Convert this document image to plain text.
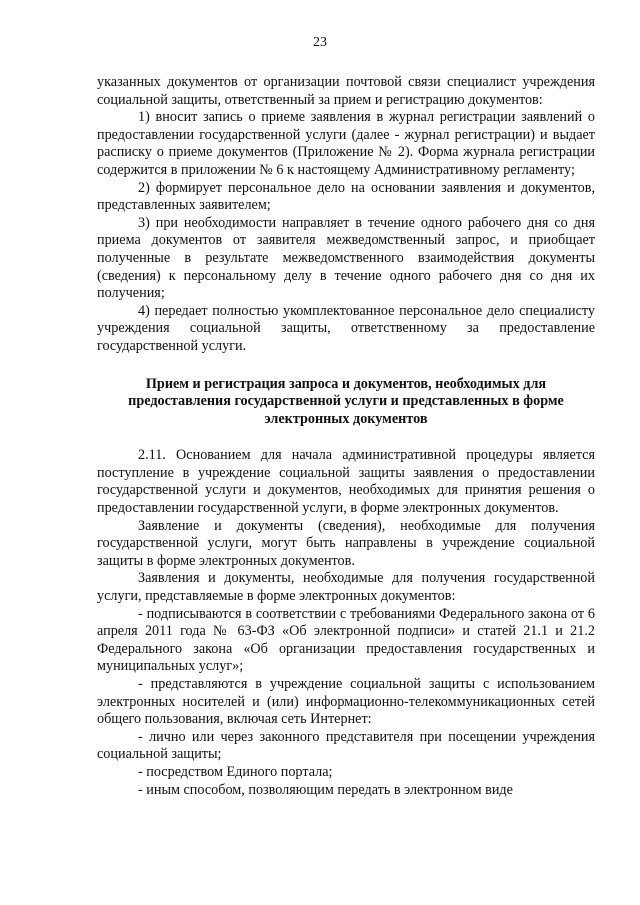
23

указанных документов от организации почтовой связи специалист учреждения социальной защиты, ответственный за прием и регистрацию документов:

1) вносит запись о приеме заявления в журнал регистрации заявлений о предоставлении государственной услуги (далее - журнал регистрации) и выдает расписку о приеме документов (Приложение № 2). Форма журнала регистрации содержится в приложении № 6 к настоящему Административному регламенту;

2) формирует персональное дело на основании заявления и документов, представленных заявителем;

3) при необходимости направляет в течение одного рабочего дня со дня приема документов от заявителя межведомственный запрос, и приобщает полученные в результате межведомственного взаимодействия документы (сведения) к персональному делу в течение одного рабочего дня со дня их получения;

4) передает полностью укомплектованное персональное дело специалисту учреждения социальной защиты, ответственному за предоставление государственной услуги.

Прием и регистрация запроса и документов, необходимых для предоставления государственной услуги и представленных в форме электронных документов

2.11. Основанием для начала административной процедуры является поступление в учреждение социальной защиты заявления о предоставлении государственной услуги и документов, необходимых для принятия решения о предоставлении государственной услуги, в форме электронных документов.

Заявление и документы (сведения), необходимые для получения государственной услуги, могут быть направлены в учреждение социальной защиты в форме электронных документов.

Заявления и документы, необходимые для получения государственной услуги, представляемые в форме электронных документов:

- подписываются в соответствии с требованиями Федерального закона от 6 апреля 2011 года № 63-ФЗ «Об электронной подписи» и статей 21.1 и 21.2 Федерального закона «Об организации предоставления государственных и муниципальных услуг»;

- представляются в учреждение социальной защиты с использованием электронных носителей и (или) информационно-телекоммуникационных сетей общего пользования, включая сеть Интернет:

- лично или через законного представителя при посещении учреждения социальной защиты;

- посредством Единого портала;

- иным способом, позволяющим передать в электронном виде
